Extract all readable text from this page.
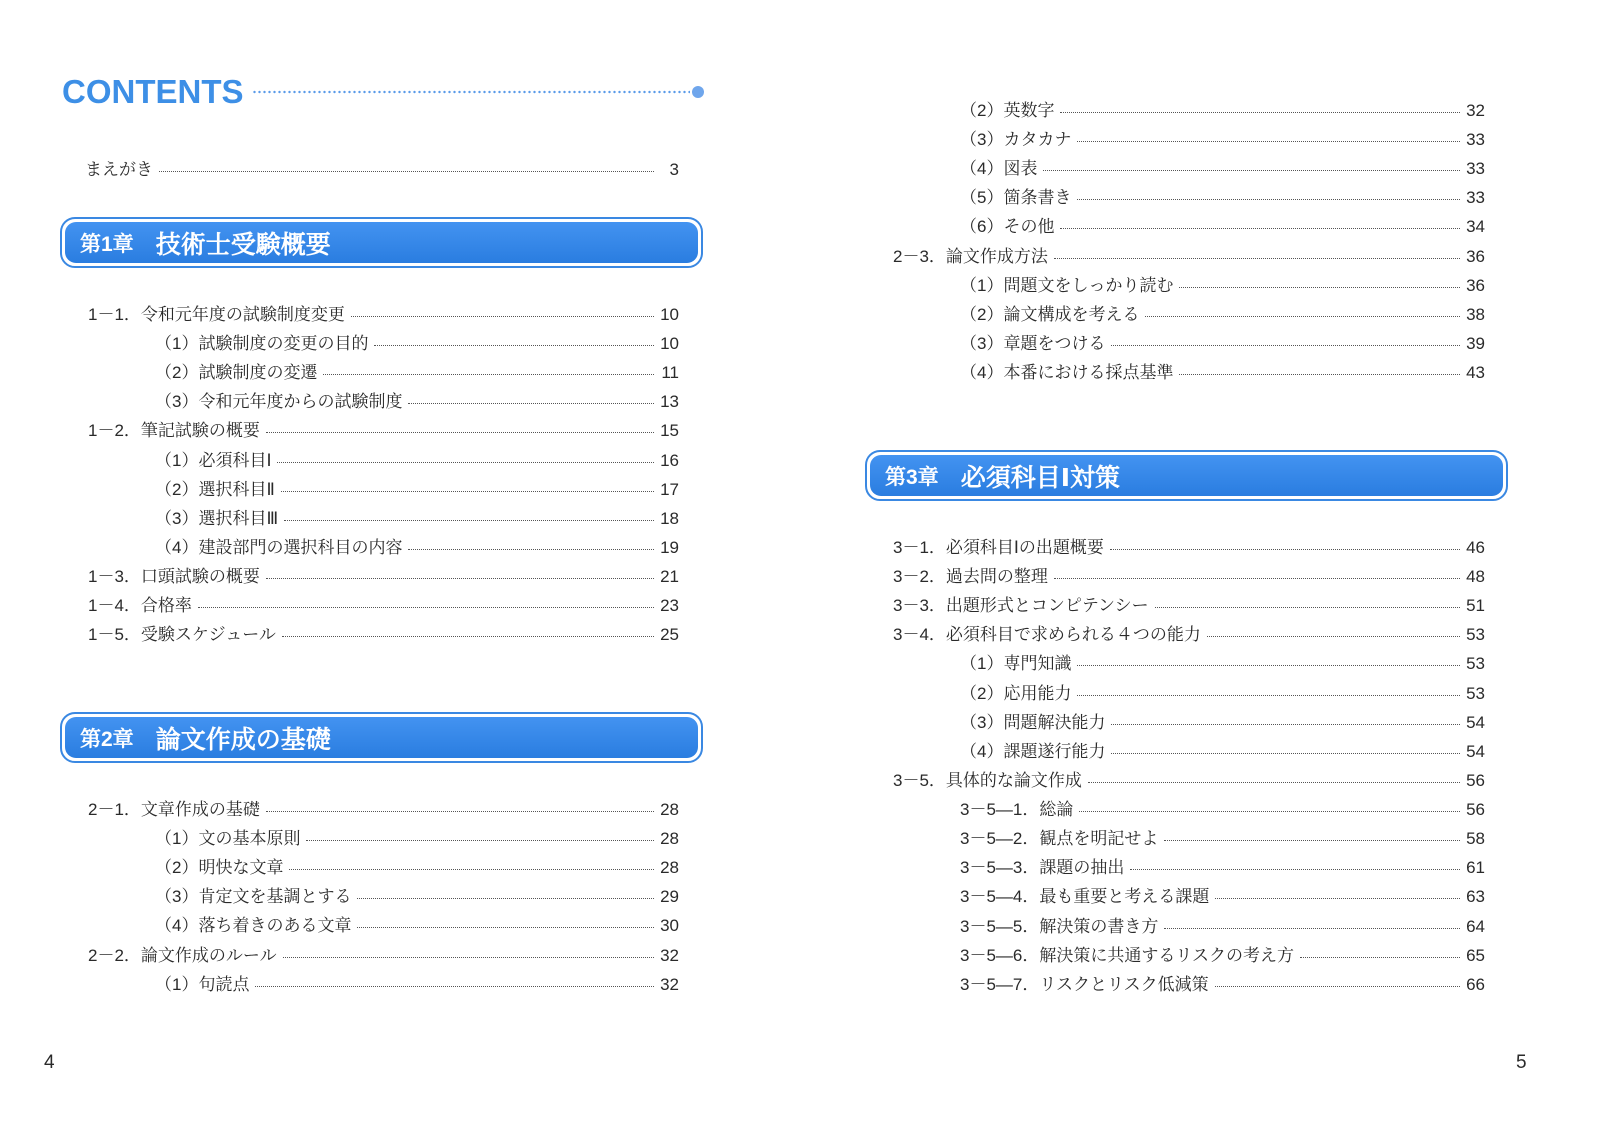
CONTENTS
まえがき	3
第1章 技術士受験概要
第2章 論文作成の基礎
4
1－1．令和元年度の試験制度変更	10
（1）試験制度の変更の目的	10
（2）試験制度の変遷	11
（3）令和元年度からの試験制度	13
1－2．筆記試験の概要	15
（1）必須科目Ⅰ	16
（2）選択科目Ⅱ	17
（3）選択科目Ⅲ	18
（4）建設部門の選択科目の内容	19
1－3．口頭試験の概要	21
1－4．合格率	23
1－5．受験スケジュール	25
2－1．文章作成の基礎	28
（1）文の基本原則	28
（2）明快な文章	28
（3）肯定文を基調とする	29
（4）落ち着きのある文章	30
2－2．論文作成のルール	32
（1）句読点	32
第3章 必須科目Ⅰ対策
5
（2）英数字	32
（3）カタカナ	33
（4）図表	33
（5）箇条書き	33
（6）その他	34
2－3．論文作成方法	36
（1）問題文をしっかり読む	36
（2）論文構成を考える	38
（3）章題をつける	39
（4）本番における採点基準	43
3－1．必須科目Ⅰの出題概要	46
3－2．過去問の整理	48
3－3．出題形式とコンピテンシー	51
3－4．必須科目で求められる４つの能力	53
（1）専門知識	53
（2）応用能力	53
（3）問題解決能力	54
（4）課題遂行能力	54
3－5．具体的な論文作成	56
3－5—1．総論	56
3－5—2．観点を明記せよ	58
3－5—3．課題の抽出	61
3－5—4．最も重要と考える課題	63
3－5—5．解決策の書き方	64
3－5—6．解決策に共通するリスクの考え方	65
3－5—7．リスクとリスク低減策	66
